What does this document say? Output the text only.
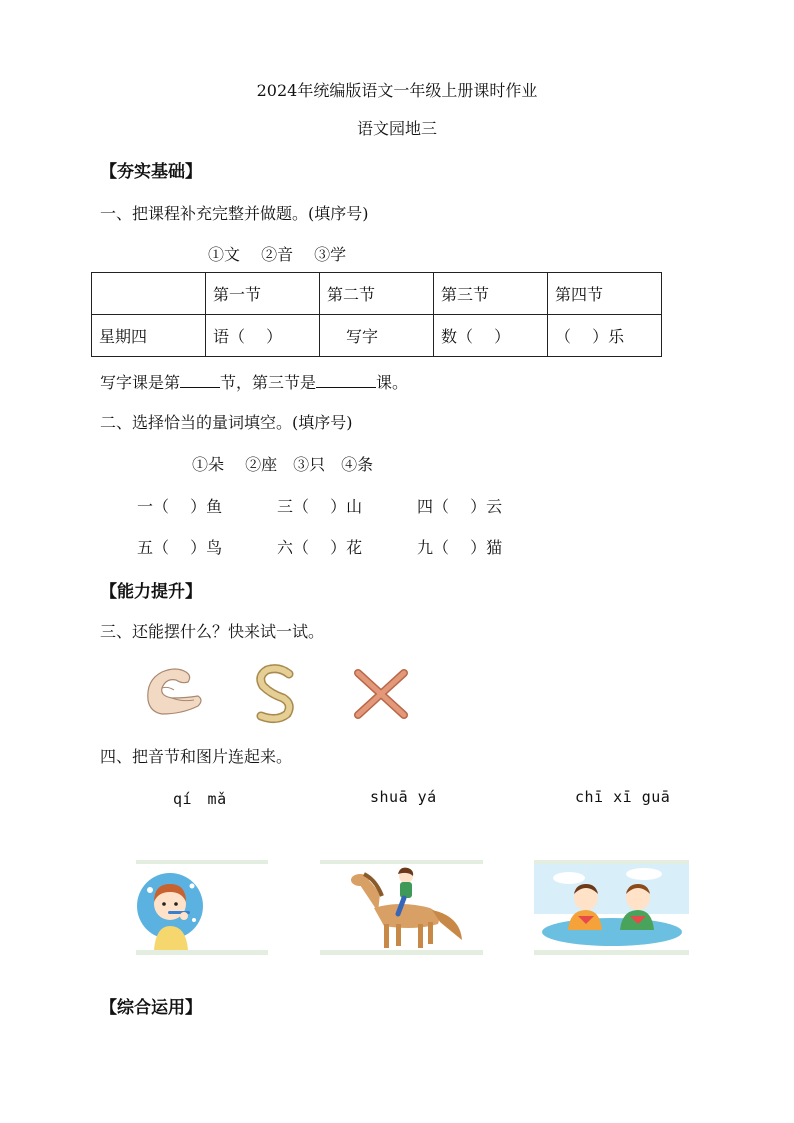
2024年统编版语文一年级上册课时作业
语文园地三
【夯实基础】
一、把课程补充完整并做题。(填序号)
①文　 ②音　 ③学
	第一节	第二节	第三节	第四节
星期四	语（　 ）	写字	数（　 ）	（　 ）乐
写字课是第	节，第三节是	课。
二、选择恰当的量词填空。(填序号)
①朵　 ②座　③只　④条
一（　 ）鱼	三（　 ）山	四（　 ）云
五（　 ）鸟	六（　 ）花	九（　 ）猫
【能力提升】
三、还能摆什么？快来试一试。
四、把音节和图片连起来。
qí　mǎ	shuā yá	chī xī guā
【综合运用】
